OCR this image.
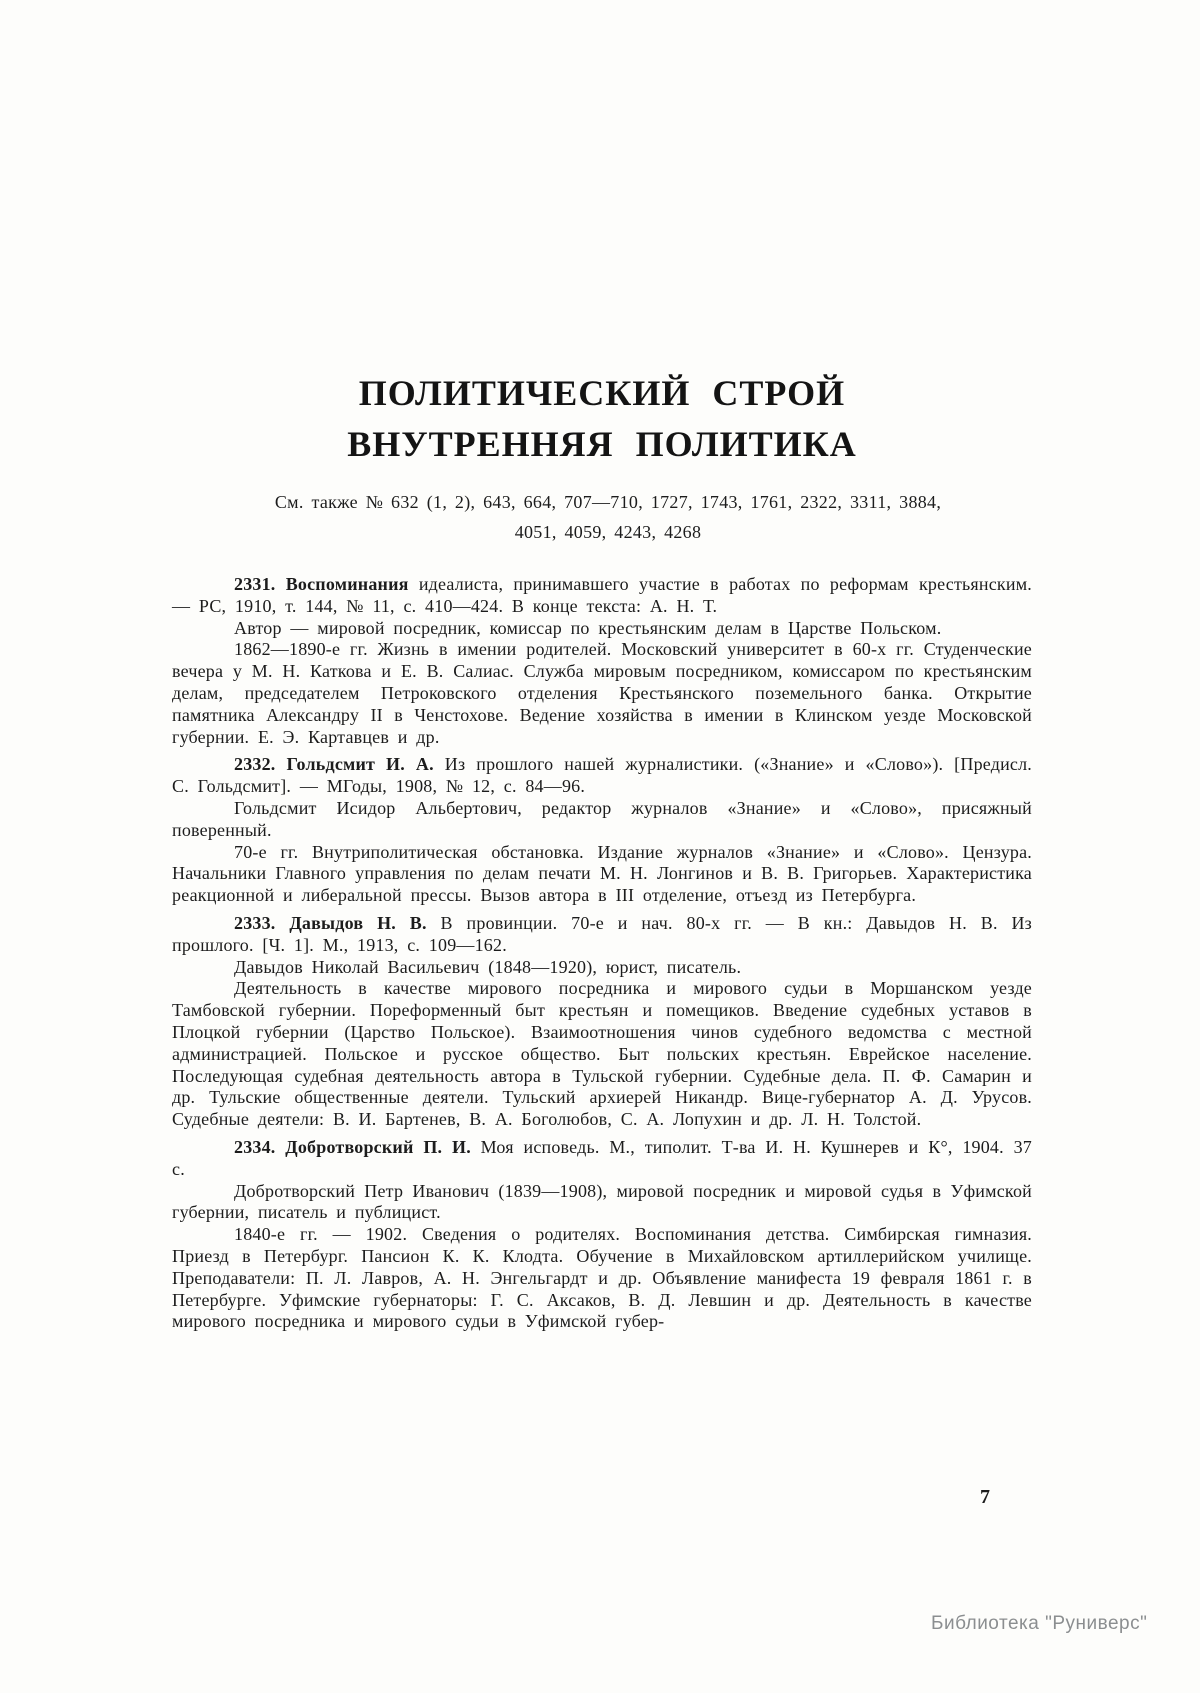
ПОЛИТИЧЕСКИЙ СТРОЙ
ВНУТРЕННЯЯ ПОЛИТИКА
См. также № 632 (1, 2), 643, 664, 707—710, 1727, 1743, 1761, 2322, 3311, 3884,
4051, 4059, 4243, 4268

2331. Воспоминания идеалиста, принимавшего участие в работах по реформам крестьянским. — РС, 1910, т. 144, № 11, с. 410—424. В конце текста: А. Н. Т.

Автор — мировой посредник, комиссар по крестьянским делам в Царстве Польском.

1862—1890-е гг. Жизнь в имении родителей. Московский университет в 60-х гг. Студенческие вечера у М. Н. Каткова и Е. В. Салиас. Служба мировым посредником, комиссаром по крестьянским делам, председателем Петроковского отделения Крестьянского поземельного банка. Открытие памятника Александру II в Ченстохове. Ведение хозяйства в имении в Клинском уезде Московской губернии. Е. Э. Картавцев и др.

2332. Гольдсмит И. А. Из прошлого нашей журналистики. («Знание» и «Слово»). [Предисл. С. Гольдсмит]. — МГоды, 1908, № 12, с. 84—96.

Гольдсмит Исидор Альбертович, редактор журналов «Знание» и «Слово», присяжный поверенный.

70-е гг. Внутриполитическая обстановка. Издание журналов «Знание» и «Слово». Цензура. Начальники Главного управления по делам печати М. Н. Лонгинов и В. В. Григорьев. Характеристика реакционной и либеральной прессы. Вызов автора в III отделение, отъезд из Петербурга.

2333. Давыдов Н. В. В провинции. 70-е и нач. 80-х гг. — В кн.: Давыдов Н. В. Из прошлого. [Ч. 1]. М., 1913, с. 109—162.

Давыдов Николай Васильевич (1848—1920), юрист, писатель.

Деятельность в качестве мирового посредника и мирового судьи в Моршанском уезде Тамбовской губернии. Пореформенный быт крестьян и помещиков. Введение судебных уставов в Плоцкой губернии (Царство Польское). Взаимоотношения чинов судебного ведомства с местной администрацией. Польское и русское общество. Быт польских крестьян. Еврейское население. Последующая судебная деятельность автора в Тульской губернии. Судебные дела. П. Ф. Самарин и др. Тульские общественные деятели. Тульский архиерей Никандр. Вице-губернатор А. Д. Урусов. Судебные деятели: В. И. Бартенев, В. А. Боголюбов, С. А. Лопухин и др. Л. Н. Толстой.

2334. Добротворский П. И. Моя исповедь. М., типолит. Т-ва И. Н. Кушнерев и К°, 1904. 37 с.

Добротворский Петр Иванович (1839—1908), мировой посредник и мировой судья в Уфимской губернии, писатель и публицист.

1840-е гг. — 1902. Сведения о родителях. Воспоминания детства. Симбирская гимназия. Приезд в Петербург. Пансион К. К. Клодта. Обучение в Михайловском артиллерийском училище. Преподаватели: П. Л. Лавров, А. Н. Энгельгардт и др. Объявление манифеста 19 февраля 1861 г. в Петербурге. Уфимские губернаторы: Г. С. Аксаков, В. Д. Левшин и др. Деятельность в качестве мирового посредника и мирового судьи в Уфимской губер-

7
Библиотека "Руниверс"
